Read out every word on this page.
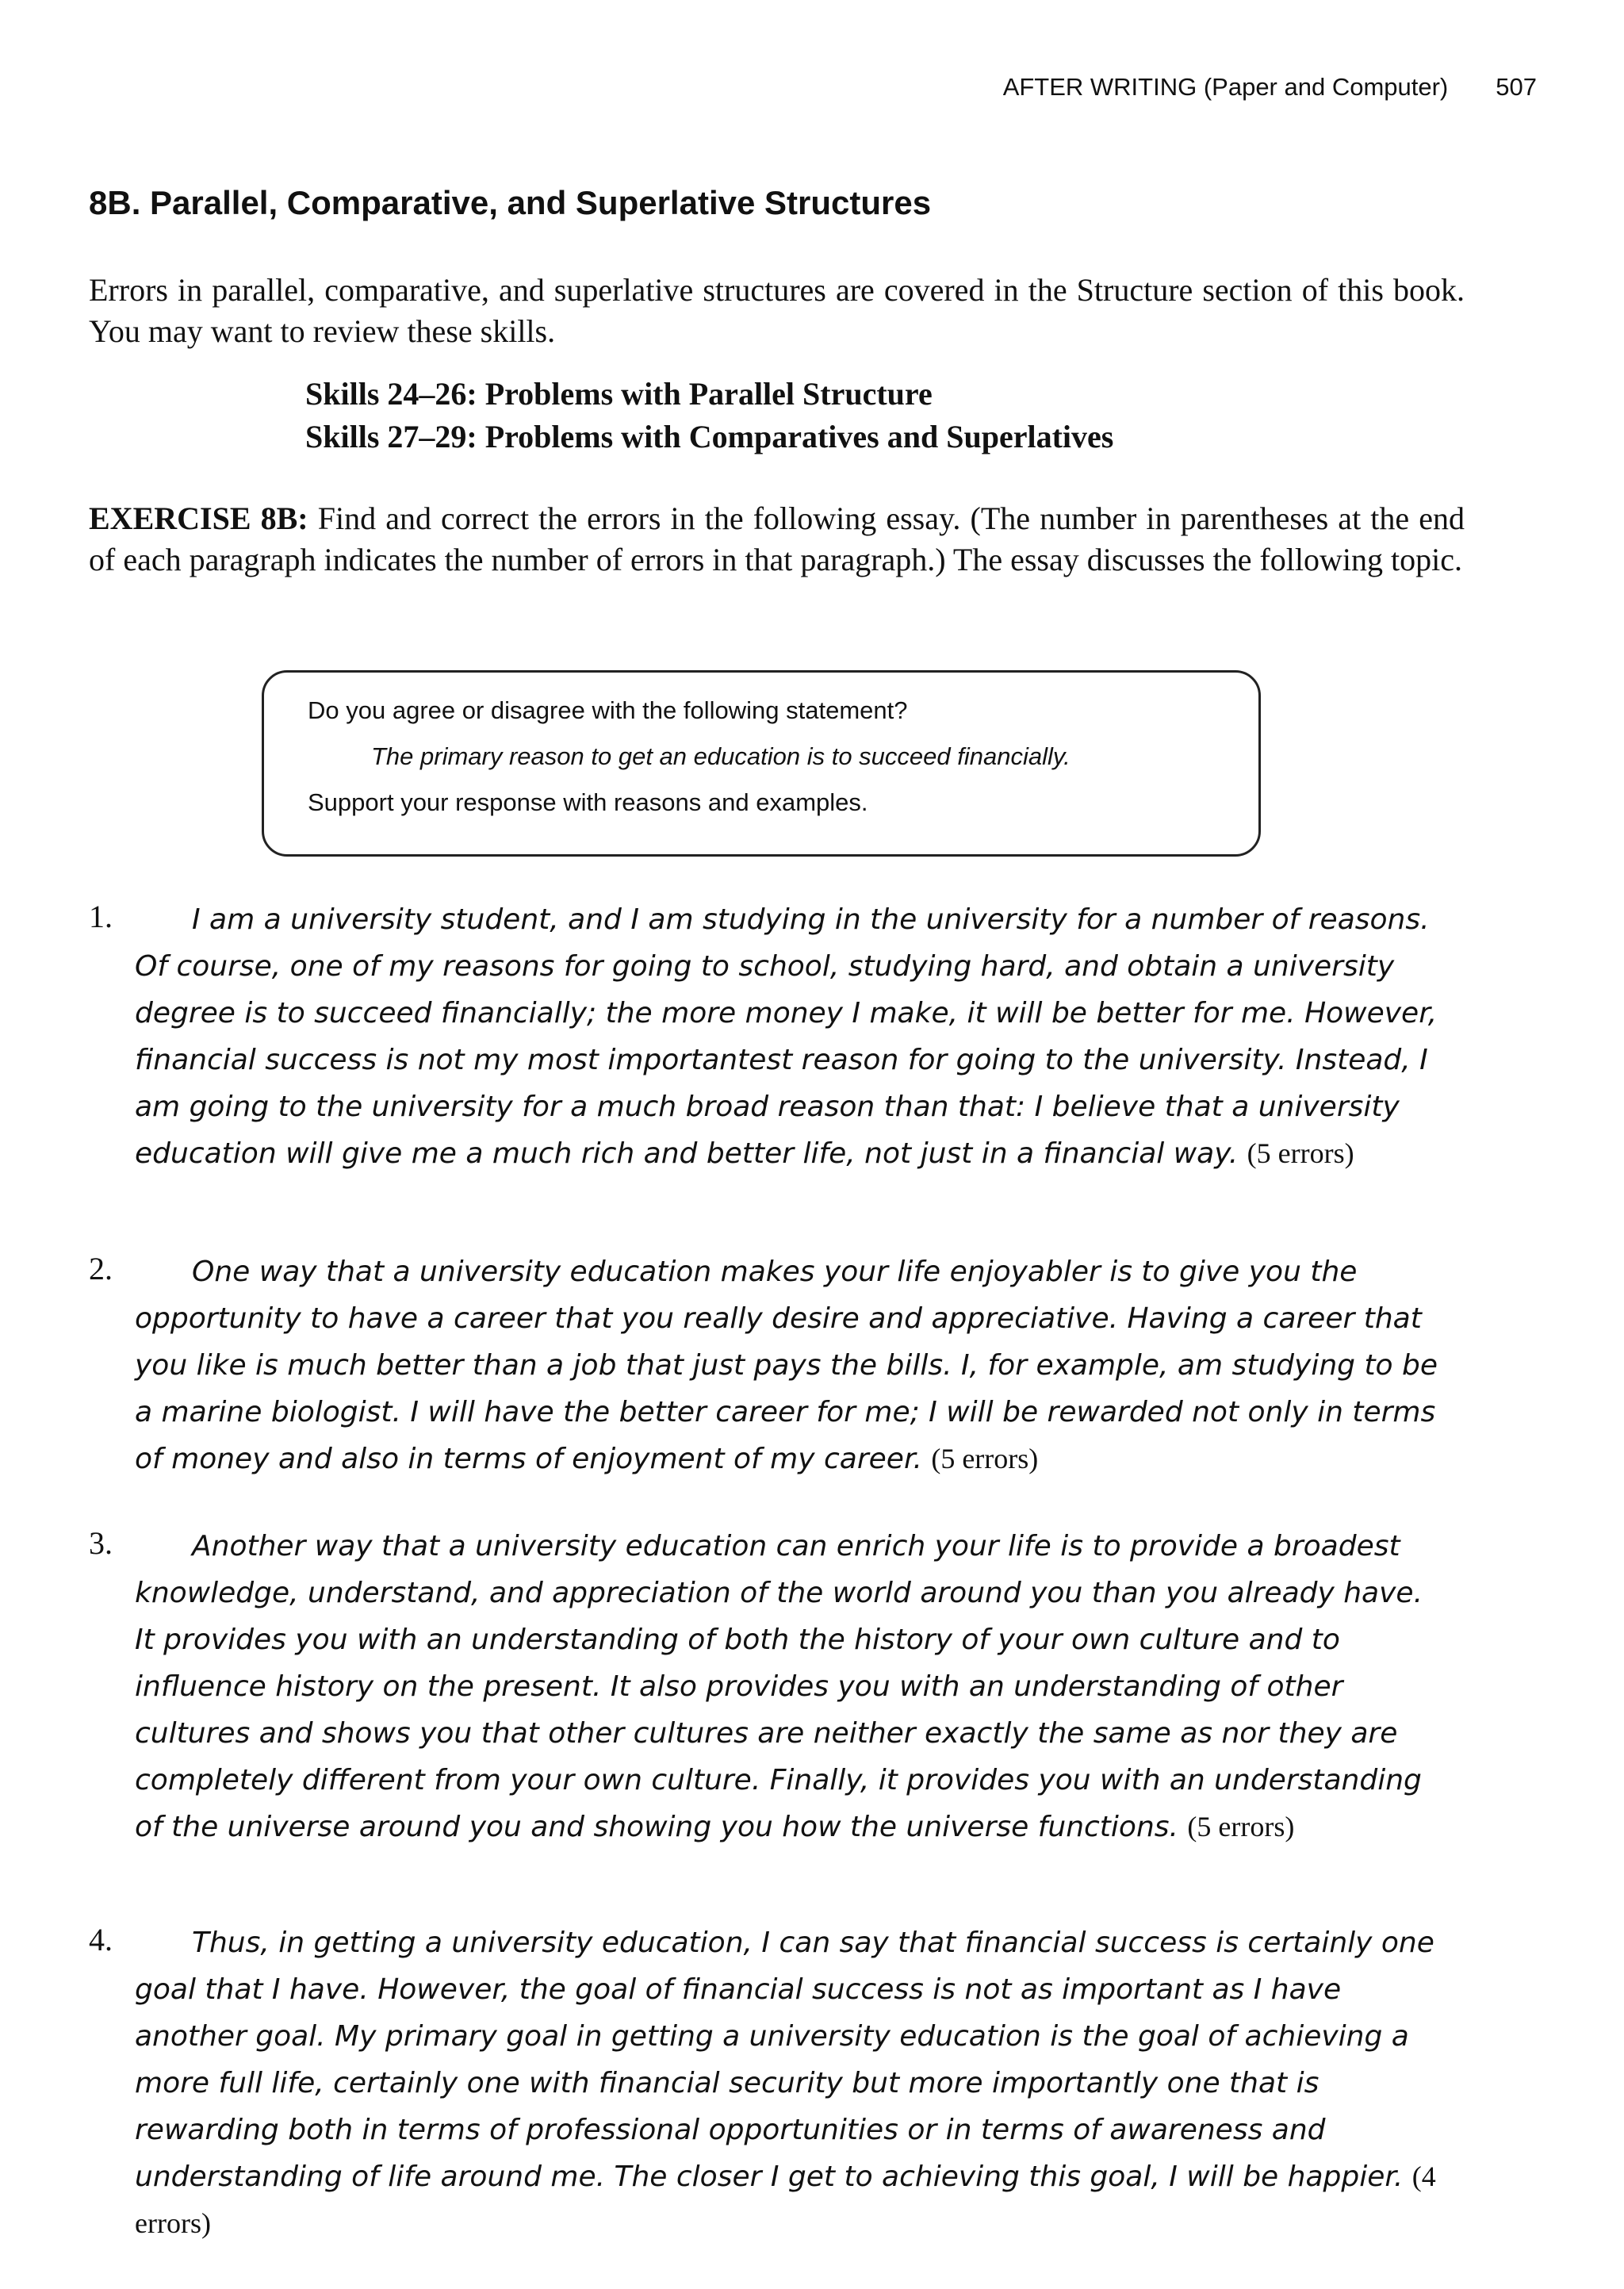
AFTER WRITING (Paper and Computer) 507
8B. Parallel, Comparative, and Superlative Structures

Errors in parallel, comparative, and superlative structures are covered in the Structure section of this book. You may want to review these skills.

Skills 24–26: Problems with Parallel Structure
Skills 27–29: Problems with Comparatives and Superlatives

EXERCISE 8B: Find and correct the errors in the following essay. (The number in parentheses at the end of each paragraph indicates the number of errors in that paragraph.) The essay discusses the following topic.

Do you agree or disagree with the following statement?
The primary reason to get an education is to succeed financially.
Support your response with reasons and examples.
1.	I am a university student, and I am studying in the university for a number of reasons. Of course, one of my reasons for going to school, studying hard, and obtain a university degree is to succeed financially; the more money I make, it will be better for me. However, financial success is not my most importantest reason for going to the university. Instead, I am going to the university for a much broad reason than that: I believe that a university education will give me a much rich and better life, not just in a financial way. (5 errors)
2.	One way that a university education makes your life enjoyabler is to give you the opportunity to have a career that you really desire and appreciative. Having a career that you like is much better than a job that just pays the bills. I, for example, am studying to be a marine biologist. I will have the better career for me; I will be rewarded not only in terms of money and also in terms of enjoyment of my career. (5 errors)
3.	Another way that a university education can enrich your life is to provide a broadest knowledge, understand, and appreciation of the world around you than you already have. It provides you with an understanding of both the history of your own culture and to influence history on the present. It also provides you with an understanding of other cultures and shows you that other cultures are neither exactly the same as nor they are completely different from your own culture. Finally, it provides you with an understanding of the universe around you and showing you how the universe functions. (5 errors)
4.	Thus, in getting a university education, I can say that financial success is certainly one goal that I have. However, the goal of financial success is not as important as I have another goal. My primary goal in getting a university education is the goal of achieving a more full life, certainly one with financial security but more importantly one that is rewarding both in terms of professional opportunities or in terms of awareness and understanding of life around me. The closer I get to achieving this goal, I will be happier. (4 errors)
